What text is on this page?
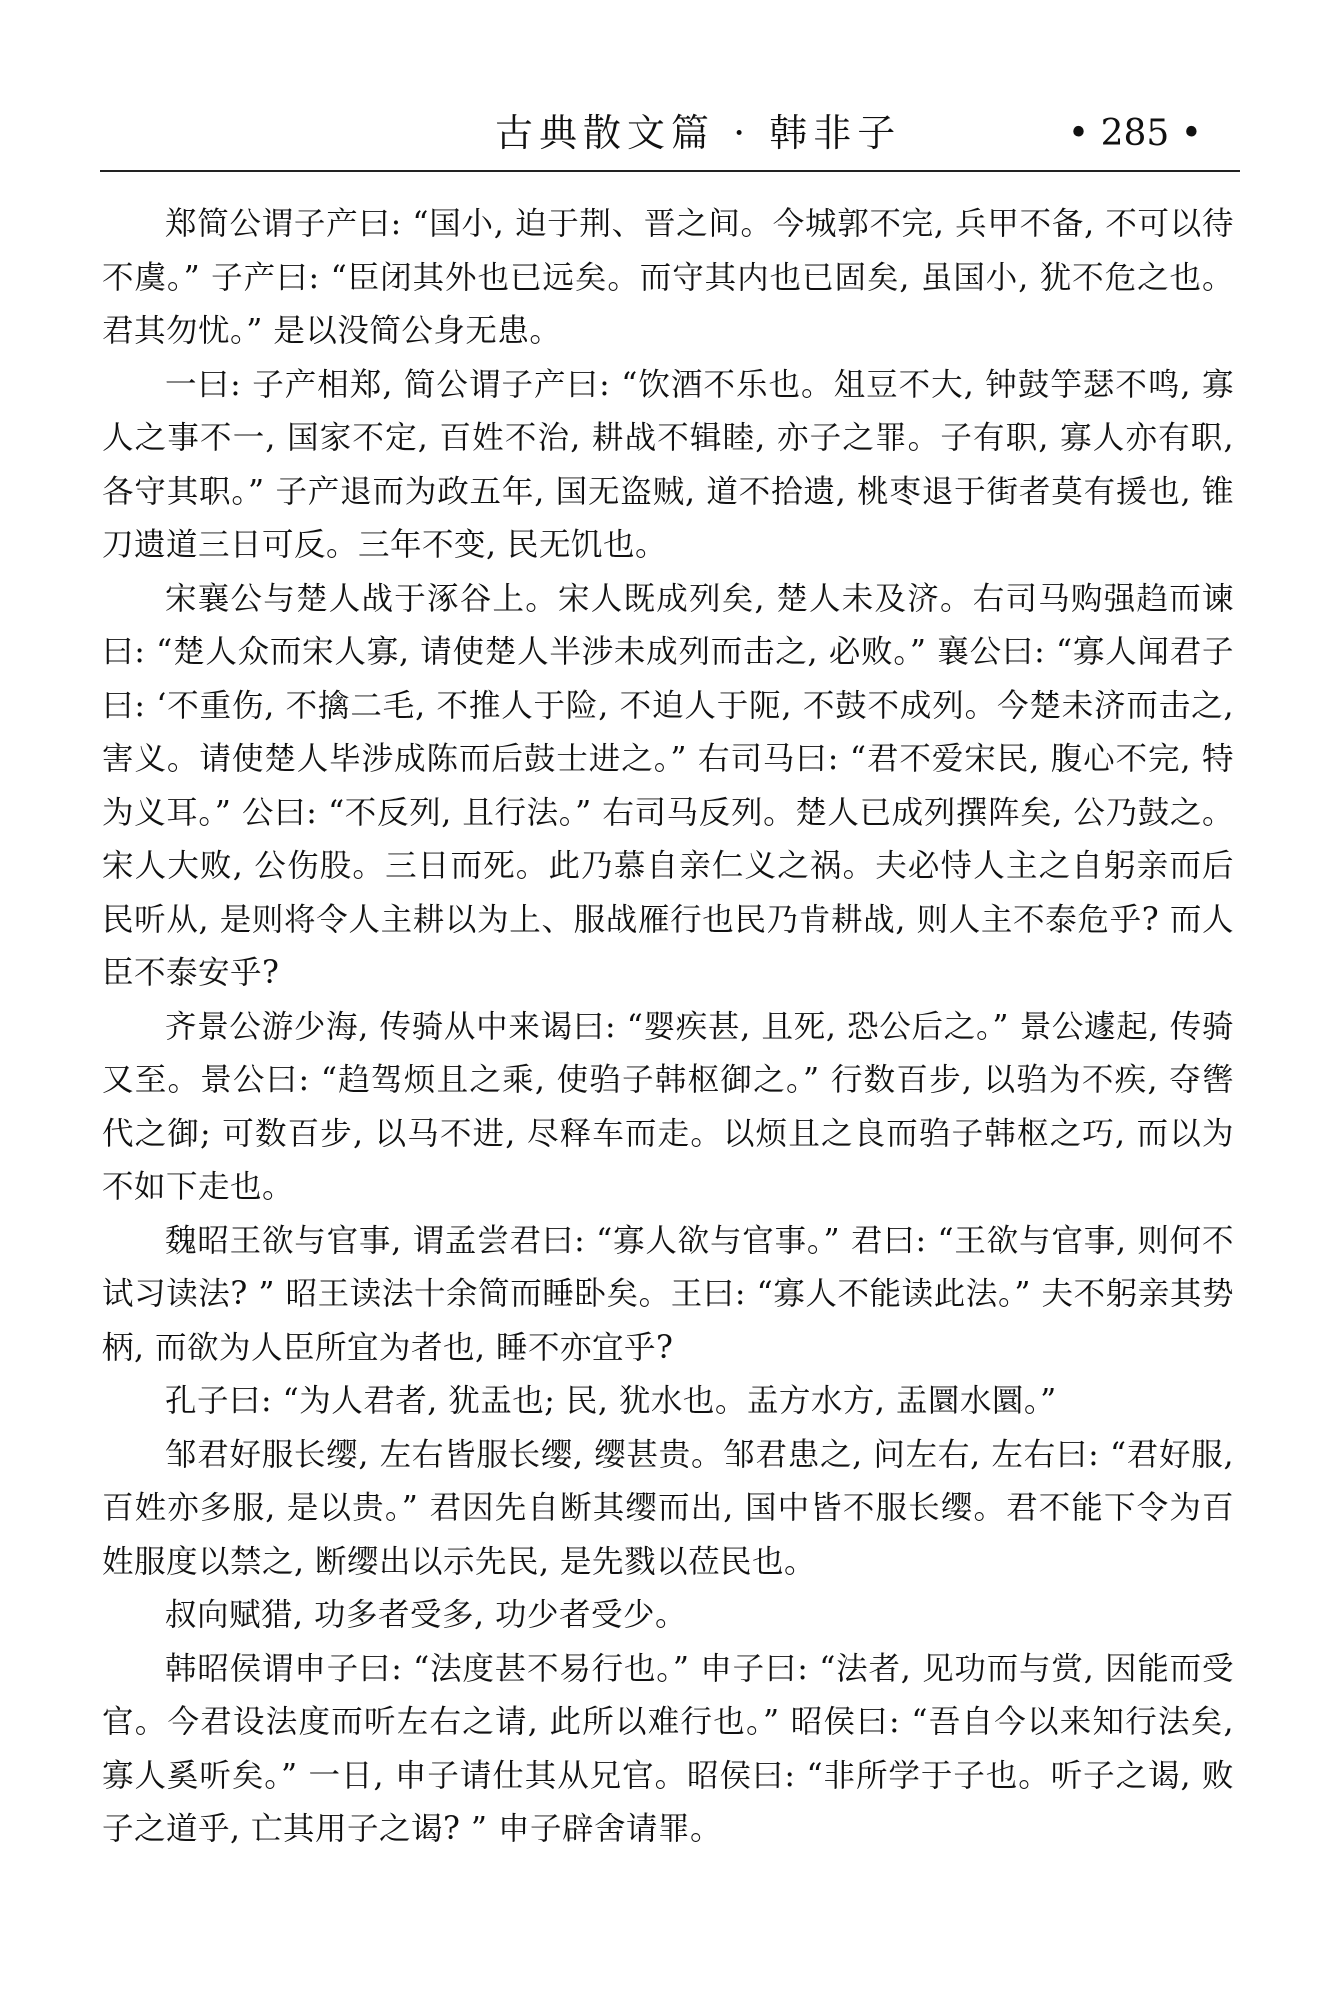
古典散文篇 · 韩非子	• 285 •

郑简公谓子产曰: “国小, 迫于荆、晋之间。今城郭不完, 兵甲不备, 不可以待不虞。” 子产曰: “臣闭其外也已远矣。而守其内也已固矣, 虽国小, 犹不危之也。君其勿忧。” 是以没简公身无患。

一曰: 子产相郑, 简公谓子产曰: “饮酒不乐也。俎豆不大, 钟鼓竽瑟不鸣, 寡人之事不一, 国家不定, 百姓不治, 耕战不辑睦, 亦子之罪。子有职, 寡人亦有职, 各守其职。” 子产退而为政五年, 国无盗贼, 道不拾遗, 桃枣退于街者莫有援也, 锥刀遗道三日可反。三年不变, 民无饥也。

宋襄公与楚人战于涿谷上。宋人既成列矣, 楚人未及济。右司马购强趋而谏曰: “楚人众而宋人寡, 请使楚人半涉未成列而击之, 必败。” 襄公曰: “寡人闻君子曰: ‘不重伤, 不擒二毛, 不推人于险, 不迫人于阨, 不鼓不成列。今楚未济而击之, 害义。请使楚人毕涉成陈而后鼓士进之。” 右司马曰: “君不爱宋民, 腹心不完, 特为义耳。” 公曰: “不反列, 且行法。” 右司马反列。楚人已成列撰阵矣, 公乃鼓之。宋人大败, 公伤股。三日而死。此乃慕自亲仁义之祸。夫必恃人主之自躬亲而后民听从, 是则将令人主耕以为上、服战雁行也民乃肯耕战, 则人主不泰危乎? 而人臣不泰安乎?

齐景公游少海, 传骑从中来谒曰: “婴疾甚, 且死, 恐公后之。” 景公遽起, 传骑又至。景公曰: “趋驾烦且之乘, 使驺子韩枢御之。” 行数百步, 以驺为不疾, 夺辔代之御; 可数百步, 以马不进, 尽释车而走。以烦且之良而驺子韩枢之巧, 而以为不如下走也。

魏昭王欲与官事, 谓孟尝君曰: “寡人欲与官事。” 君曰: “王欲与官事, 则何不试习读法? ” 昭王读法十余简而睡卧矣。王曰: “寡人不能读此法。” 夫不躬亲其势柄, 而欲为人臣所宜为者也, 睡不亦宜乎?

孔子曰: “为人君者, 犹盂也; 民, 犹水也。盂方水方, 盂圜水圜。”

邹君好服长缨, 左右皆服长缨, 缨甚贵。邹君患之, 问左右, 左右曰: “君好服, 百姓亦多服, 是以贵。” 君因先自断其缨而出, 国中皆不服长缨。君不能下令为百姓服度以禁之, 断缨出以示先民, 是先戮以莅民也。

叔向赋猎, 功多者受多, 功少者受少。

韩昭侯谓申子曰: “法度甚不易行也。” 申子曰: “法者, 见功而与赏, 因能而受官。今君设法度而听左右之请, 此所以难行也。” 昭侯曰: “吾自今以来知行法矣, 寡人奚听矣。” 一日, 申子请仕其从兄官。昭侯曰: “非所学于子也。听子之谒, 败子之道乎, 亡其用子之谒? ” 申子辟舍请罪。
